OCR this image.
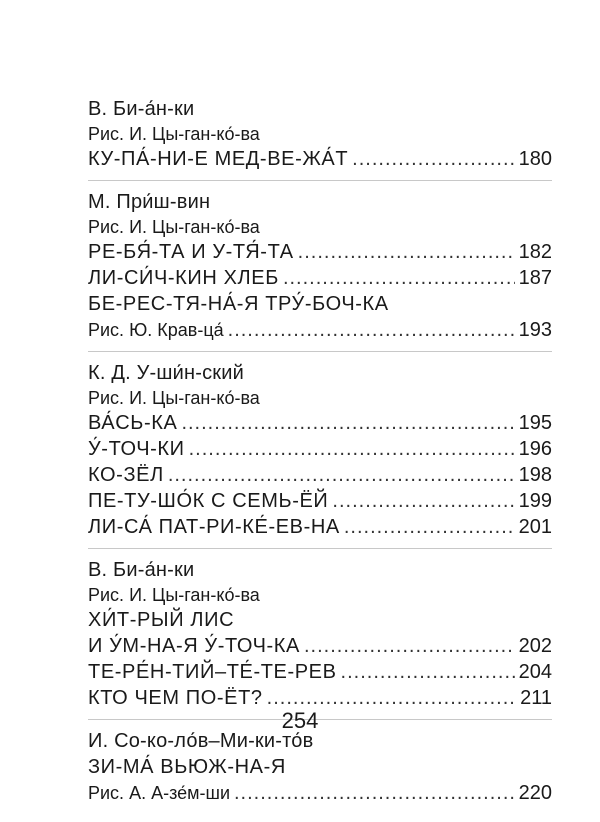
В. Би-а́н-ки
Рис. И. Цы-ган-ко́-ва
КУ-ПА́-НИ-Е МЕД-ВЕ-ЖА́Т .....	180
М. При́ш-вин
Рис. И. Цы-ган-ко́-ва
РЕ-БЯ́-ТА И У-ТЯ́-ТА .....	182
ЛИ-СИ́Ч-КИН ХЛЕБ .....	187
БЕ-РЕС-ТЯ-НА́-Я ТРУ́-БОЧ-КА
Рис. Ю. Крав-ца́ .....	193
К. Д. У-ши́н-ский
Рис. И. Цы-ган-ко́-ва
ВА́СЬ-КА .....	195
У́-ТОЧ-КИ .....	196
КО-ЗЁЛ .....	198
ПЕ-ТУ-ШО́К С СЕМЬ-ЁЙ .....	199
ЛИ-СА́ ПАТ-РИ-КЕ́-ЕВ-НА .....	201
В. Би-а́н-ки
Рис. И. Цы-ган-ко́-ва
ХИ́Т-РЫЙ ЛИС
И У́М-НА-Я У́-ТОЧ-КА .....	202
ТЕ-РЕ́Н-ТИЙ–ТЕ́-ТЕ-РЕВ .....	204
КТО ЧЕМ ПО-ЁТ? .....	211
И. Со-ко-ло́в–Ми-ки-то́в
ЗИ-МА́ ВЬЮЖ-НА-Я
Рис. А. А-зе́м-ши .....	220
254
